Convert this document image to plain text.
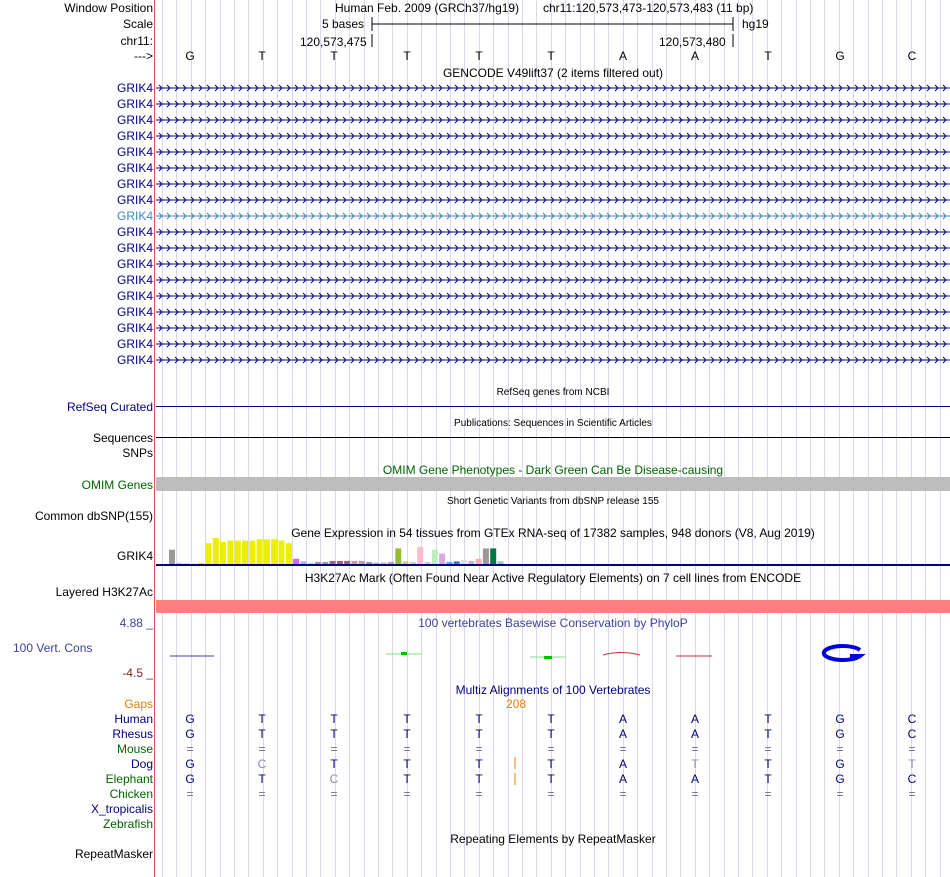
Window Position
Scale
chr11:
--->
Human Feb. 2009 (GRCh37/hg19) chr11:120,573,473-120,573,483 (11 bp)
5 bases	hg19
120,573,475	120,573,480
G	T	T	T	T	T	A	A	T	G	C
GENCODE V49lift37 (2 items filtered out)
GRIK4
GRIK4
GRIK4
GRIK4
GRIK4
GRIK4
GRIK4
GRIK4
GRIK4
GRIK4
GRIK4
GRIK4
GRIK4
GRIK4
GRIK4
GRIK4
GRIK4
GRIK4
RefSeq genes from NCBI
RefSeq Curated
Publications: Sequences in Scientific Articles
Sequences
SNPs
OMIM Gene Phenotypes - Dark Green Can Be Disease-causing
OMIM Genes
Short Genetic Variants from dbSNP release 155
Common dbSNP(155)
Gene Expression in 54 tissues from GTEx RNA-seq of 17382 samples, 948 donors (V8, Aug 2019)
GRIK4
H3K27Ac Mark (Often Found Near Active Regulatory Elements) on 7 cell lines from ENCODE
Layered H3K27Ac
4.88 _	100 vertebrates Basewise Conservation by PhyloP
100 Vert. Cons
-4.5 _
Multiz Alignments of 100 Vertebrates
Gaps	208
Human	G	T	T	T	T	T	A	A	T	G	C
Rhesus	G	T	T	T	T	T	A	A	T	G	C
Mouse	=	=	=	=	=	=	=	=	=	=	=
Dog	G	C	T	T	T	T	A	T	T	G	T
Elephant	G	T	C	T	T	T	A	A	T	G	C
Chicken	=	=	=	=	=	=	=	=	=	=	=
X_tropicalis
Zebrafish
Repeating Elements by RepeatMasker
RepeatMasker
